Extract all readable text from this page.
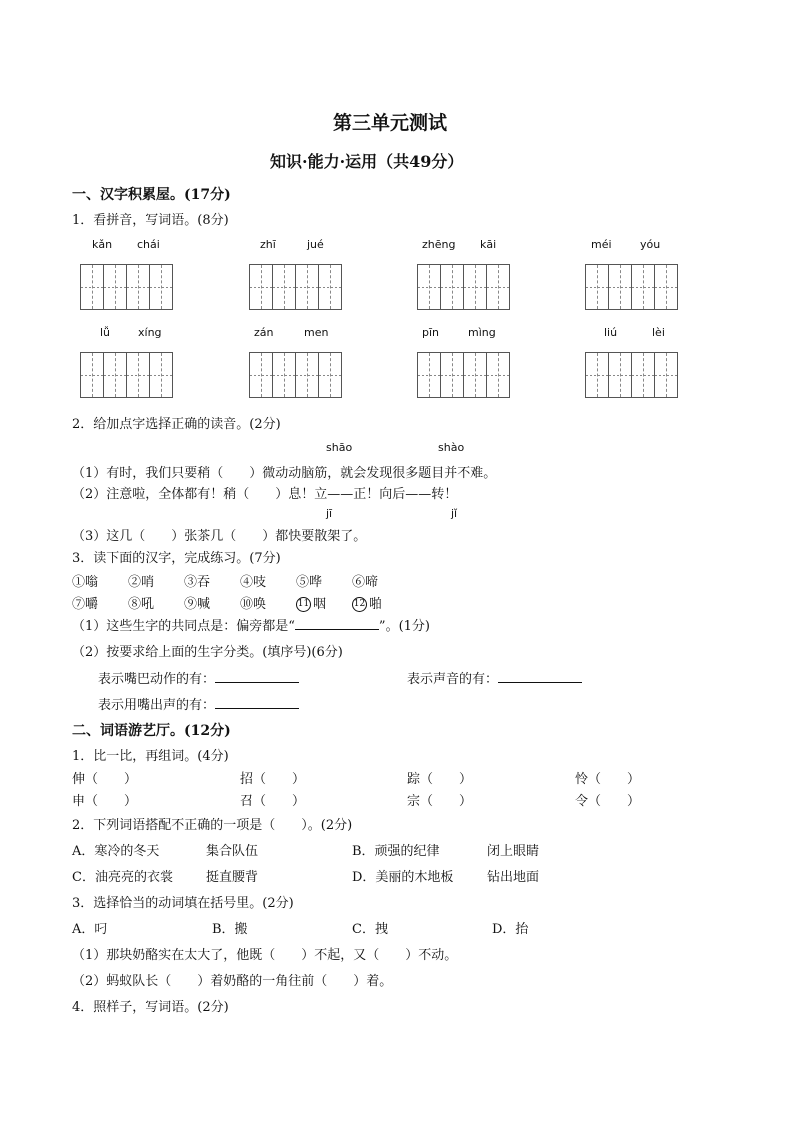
第三单元测试
知识·能力·运用（共49分）
一、汉字积累屋。(17分)
1．看拼音，写词语。(8分)
kǎn chái	zhī	jué	zhēng kāi	méi	yóu
lǚ	xíng	zán	men	pīn	mìng	liú	lèi
2．给加点字选择正确的读音。(2分)
shāo	shào
（1）有时，我们只要稍（　　）微动动脑筋，就会发现很多题目并不难。
（2）注意啦，全体都有！稍（　　）息！立——正！向后——转！
jī	jǐ
（3）这几（　　）张茶几（　　）都快要散架了。
3．读下面的汉字，完成练习。(7分)
①嗡 ②哨 ③吞 ④吱 ⑤哗 ⑥啼
⑦嚼 ⑧吼 ⑨喊 ⑩唤	11 咽	12 啪
（1）这些生字的共同点是：偏旁都是“	”。(1分)
（2）按要求给上面的生字分类。(填序号)(6分)
表示嘴巴动作的有：	表示声音的有：
表示用嘴出声的有：
二、词语游艺厅。(12分)
1．比一比，再组词。(4分)
伸（　　）	招（　　）	踪（　　）	怜（　　）
申（　　）	召（　　）	宗（　　）	令（　　）
2．下列词语搭配不正确的一项是（　　）。(2分)
A．寒冷的冬天	集合队伍	B．顽强的纪律	闭上眼睛
C．油亮亮的衣裳	挺直腰背	D．美丽的木地板	钻出地面
3．选择恰当的动词填在括号里。(2分)
A．叼	B．搬	C．拽	D．抬
（1）那块奶酪实在太大了，他既（　　）不起，又（　　）不动。
（2）蚂蚁队长（　　）着奶酪的一角往前（　　）着。
4．照样子，写词语。(2分)
